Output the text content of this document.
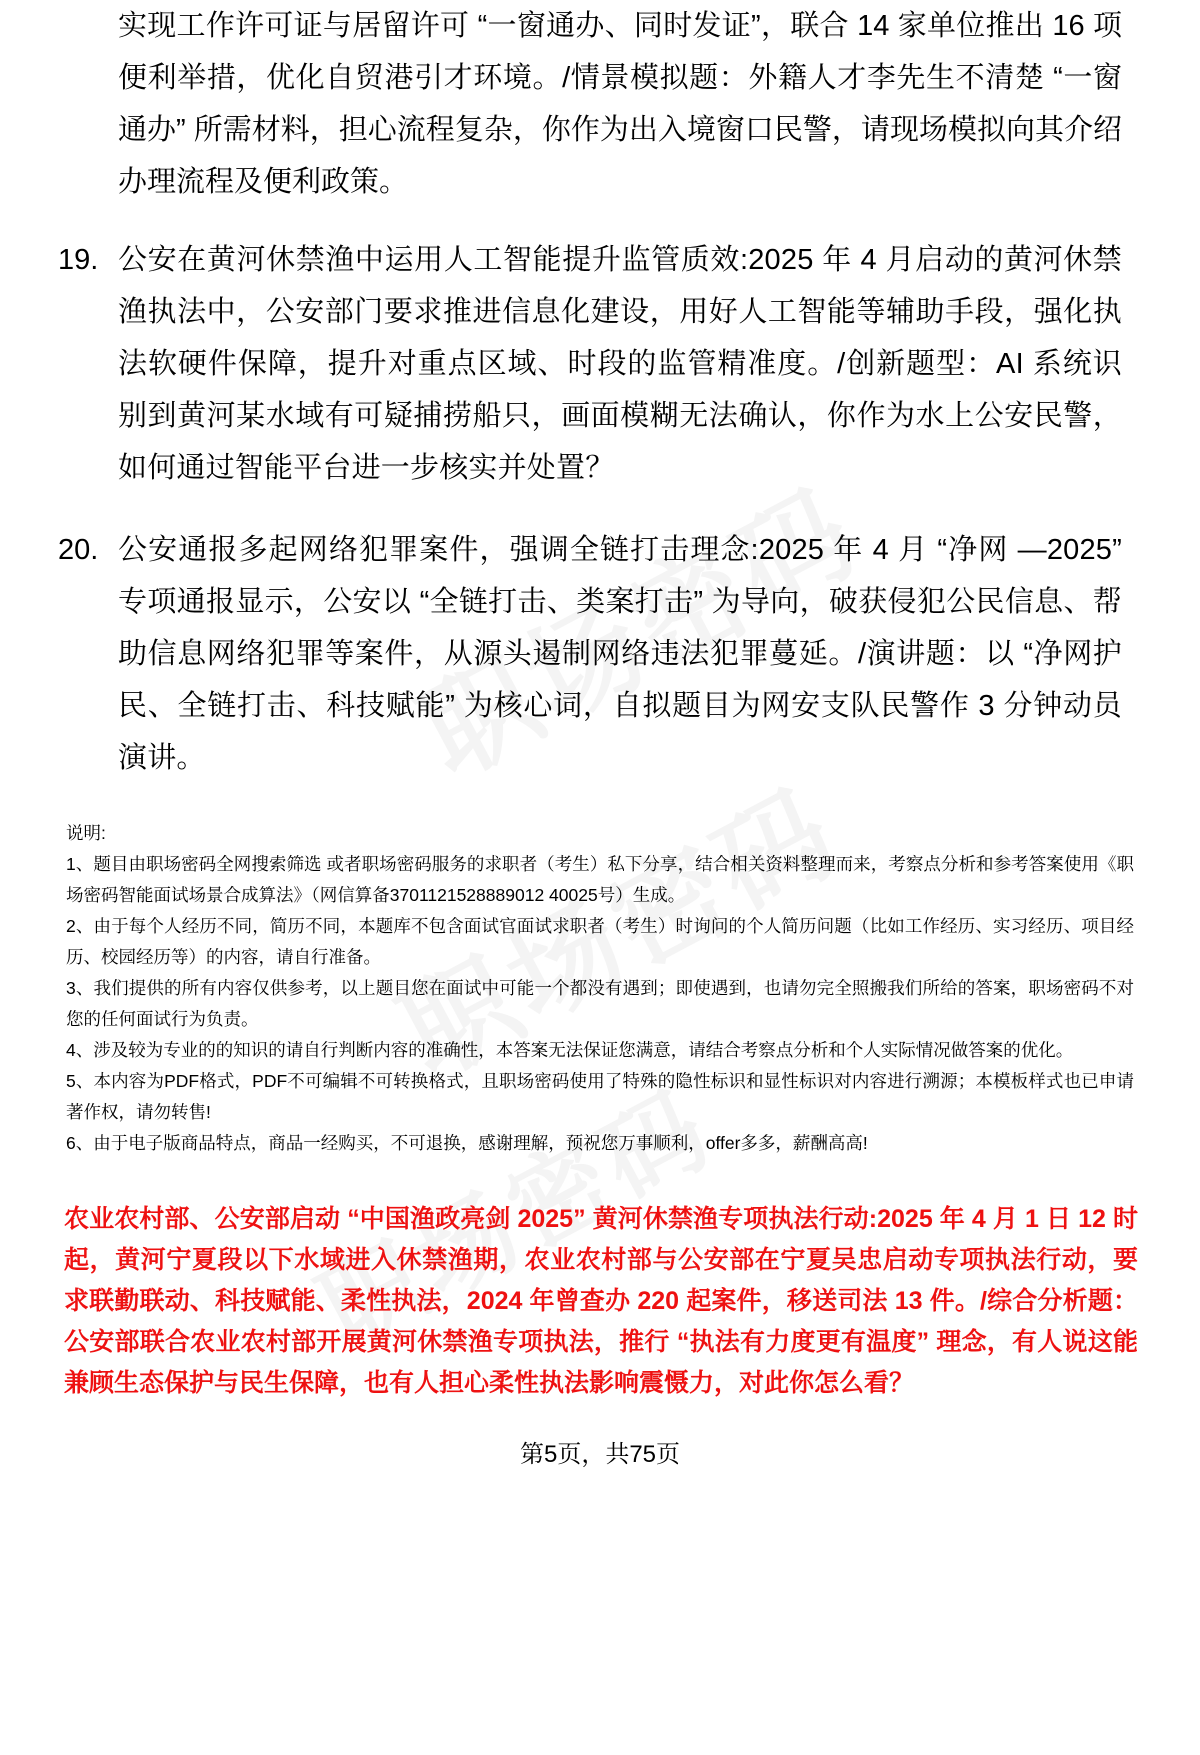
实现工作许可证与居留许可 “一窗通办、同时发证”，联合 14 家单位推出 16 项便利举措，优化自贸港引才环境。/情景模拟题：外籍人才李先生不清楚 “一窗通办” 所需材料，担心流程复杂，你作为出入境窗口民警，请现场模拟向其介绍办理流程及便利政策。

19. 公安在黄河休禁渔中运用人工智能提升监管质效:2025 年 4 月启动的黄河休禁渔执法中，公安部门要求推进信息化建设，用好人工智能等辅助手段，强化执法软硬件保障，提升对重点区域、时段的监管精准度。/创新题型：AI 系统识别到黄河某水域有可疑捕捞船只，画面模糊无法确认，你作为水上公安民警，如何通过智能平台进一步核实并处置？
20. 公安通报多起网络犯罪案件，强调全链打击理念:2025 年 4 月 “净网 —2025” 专项通报显示，公安以 “全链打击、类案打击” 为导向，破获侵犯公民信息、帮助信息网络犯罪等案件，从源头遏制网络违法犯罪蔓延。/演讲题：以 “净网护民、全链打击、科技赋能” 为核心词，自拟题目为网安支队民警作 3 分钟动员演讲。

说明:

1、题目由职场密码全网搜索筛选 或者职场密码服务的求职者（考生）私下分享，结合相关资料整理而来，考察点分析和参考答案使用《职场密码智能面试场景合成算法》（网信算备3701121528889012 40025号）生成。

2、由于每个人经历不同，简历不同，本题库不包含面试官面试求职者（考生）时询问的个人简历问题（比如工作经历、实习经历、项目经历、校园经历等）的内容，请自行准备。

3、我们提供的所有内容仅供参考，以上题目您在面试中可能一个都没有遇到；即使遇到，也请勿完全照搬我们所给的答案，职场密码不对您的任何面试行为负责。

4、涉及较为专业的的知识的请自行判断内容的准确性，本答案无法保证您满意，请结合考察点分析和个人实际情况做答案的优化。

5、本内容为PDF格式，PDF不可编辑不可转换格式，且职场密码使用了特殊的隐性标识和显性标识对内容进行溯源；本模板样式也已申请著作权，请勿转售!

6、由于电子版商品特点，商品一经购买，不可退换，感谢理解，预祝您万事顺利，offer多多，薪酬高高!

农业农村部、公安部启动 “中国渔政亮剑 2025” 黄河休禁渔专项执法行动:2025 年 4 月 1 日 12 时起，黄河宁夏段以下水域进入休禁渔期，农业农村部与公安部在宁夏吴忠启动专项执法行动，要求联勤联动、科技赋能、柔性执法，2024 年曾查办 220 起案件，移送司法 13 件。/综合分析题：公安部联合农业农村部开展黄河休禁渔专项执法，推行 “执法有力度更有温度” 理念，有人说这能兼顾生态保护与民生保障，也有人担心柔性执法影响震慑力，对此你怎么看？
第5页，共75页
